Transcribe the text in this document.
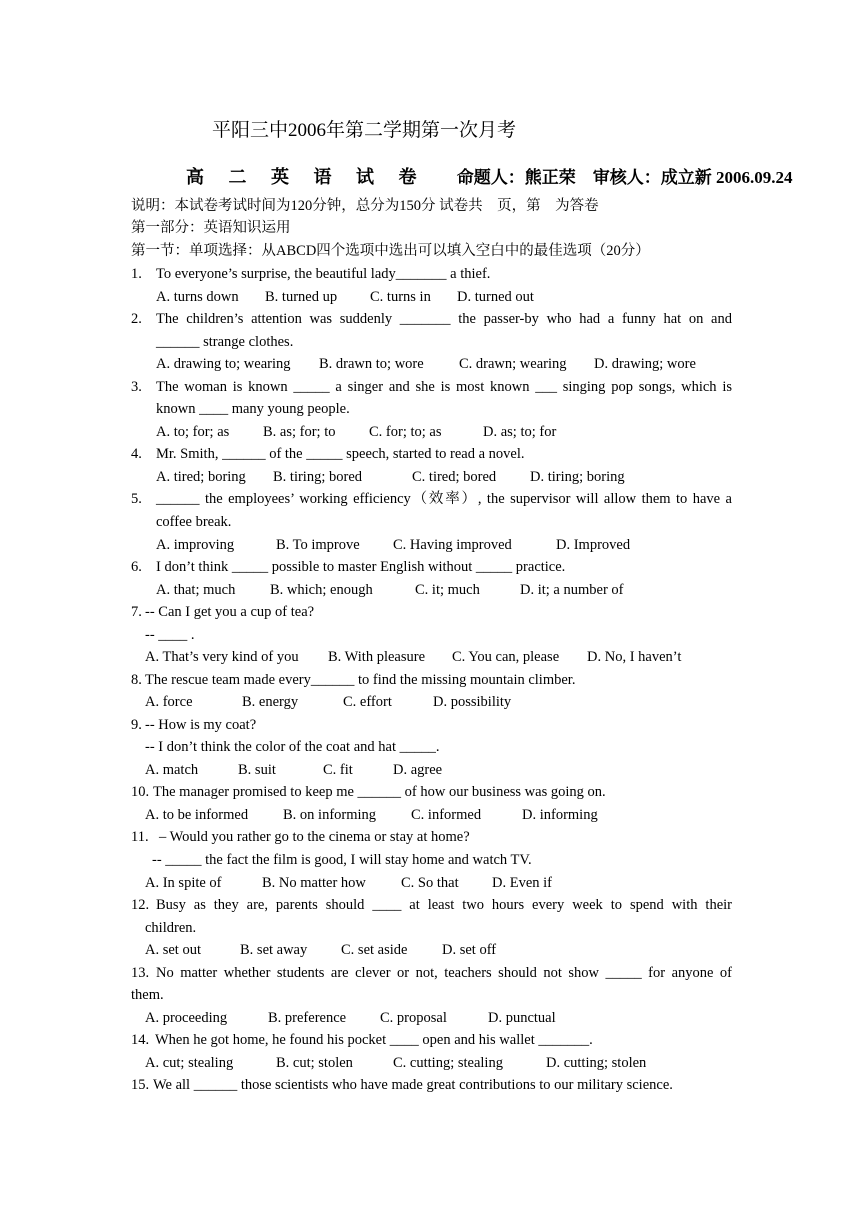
平阳三中2006年第二学期第一次月考
高 二 英 语 试 卷 命题人：熊正荣　审核人：成立新 2006.09.24
说明：本试卷考试时间为120分钟，总分为150分 试卷共　页，第　为答卷
第一部分：英语知识运用
第一节：单项选择：从ABCD四个选项中选出可以填入空白中的最佳选项（20分）
1. To everyone’s surprise, the beautiful lady_______ a thief.
A. turns down B. turned up C. turns in D. turned out
2. The children’s attention was suddenly _______ the passer-by who had a funny hat on and
______ strange clothes.
A. drawing to; wearing B. drawn to; wore C. drawn; wearing D. drawing; wore
3. The woman is known _____ a singer and she is most known ___ singing pop songs, which is
known ____ many young people.
A. to; for; as B. as; for; to C. for; to; as	D. as; to; for
4. Mr. Smith, ______ of the _____ speech, started to read a novel.
A. tired; boring B. tiring; bored	C. tired; bored D. tiring; boring
5. ______ the employees’ working efficiency（效率）, the supervisor will allow them to have a
coffee break.
A. improving	B. To improve C. Having improved	D. Improved
6. I don’t think _____ possible to master English without _____ practice.
A. that; much B. which; enough	C. it; much	D. it; a number of
7. -- Can I get you a cup of tea?
-- ____ .
A. That’s very kind of you B. With pleasure C. You can, please D. No, I haven’t
8. The rescue team made every______ to find the missing mountain climber.
A. force	B. energy	C. effort	D. possibility
9. -- How is my coat?
-- I don’t think the color of the coat and hat _____.
A. match	B. suit	C. fit	D. agree
10. The manager promised to keep me ______ of how our business was going on.
A. to be informed B. on informing C. informed	D. informing
11. – Would you rather go to the cinema or stay at home?
-- _____ the fact the film is good, I will stay home and watch TV.
A. In spite of	B. No matter how C. So that D. Even if
12. Busy as they are, parents should ____ at least two hours every week to spend with their
children.
A. set out	B. set away C. set aside D. set off
13. No matter whether students are clever or not, teachers should not show _____ for anyone of
them.
A. proceeding	B. preference C. proposal	D. punctual
14. When he got home, he found his pocket ____ open and his wallet _______.
A. cut; stealing	B. cut; stolen	C. cutting; stealing	D. cutting; stolen
15. We all ______ those scientists who have made great contributions to our military science.
